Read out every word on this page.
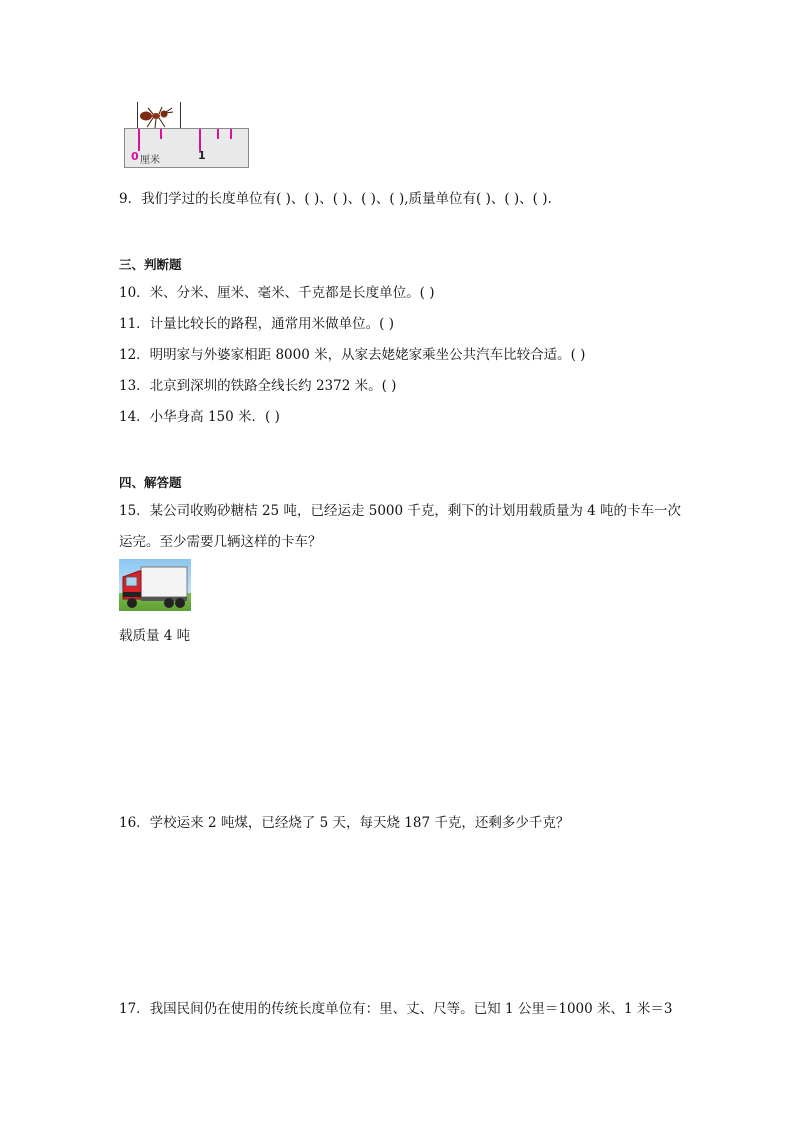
0 厘米	1
9．我们学过的长度单位有( )、( )、( )、( )、( ),质量单位有( )、( )、( ).
三、判断题
10．米、分米、厘米、毫米、千克都是长度单位。( )
11．计量比较长的路程，通常用米做单位。( )
12．明明家与外婆家相距 8000 米，从家去姥姥家乘坐公共汽车比较合适。( )
13．北京到深圳的铁路全线长约 2372 米。( )
14．小华身高 150 米．( )
四、解答题
15．某公司收购砂糖桔 25 吨，已经运走 5000 千克，剩下的计划用载质量为 4 吨的卡车一次
运完。至少需要几辆这样的卡车？
载质量 4 吨
16．学校运来 2 吨煤，已经烧了 5 天，每天烧 187 千克，还剩多少千克？
17．我国民间仍在使用的传统长度单位有：里、丈、尺等。已知 1 公里＝1000 米、1 米＝3
